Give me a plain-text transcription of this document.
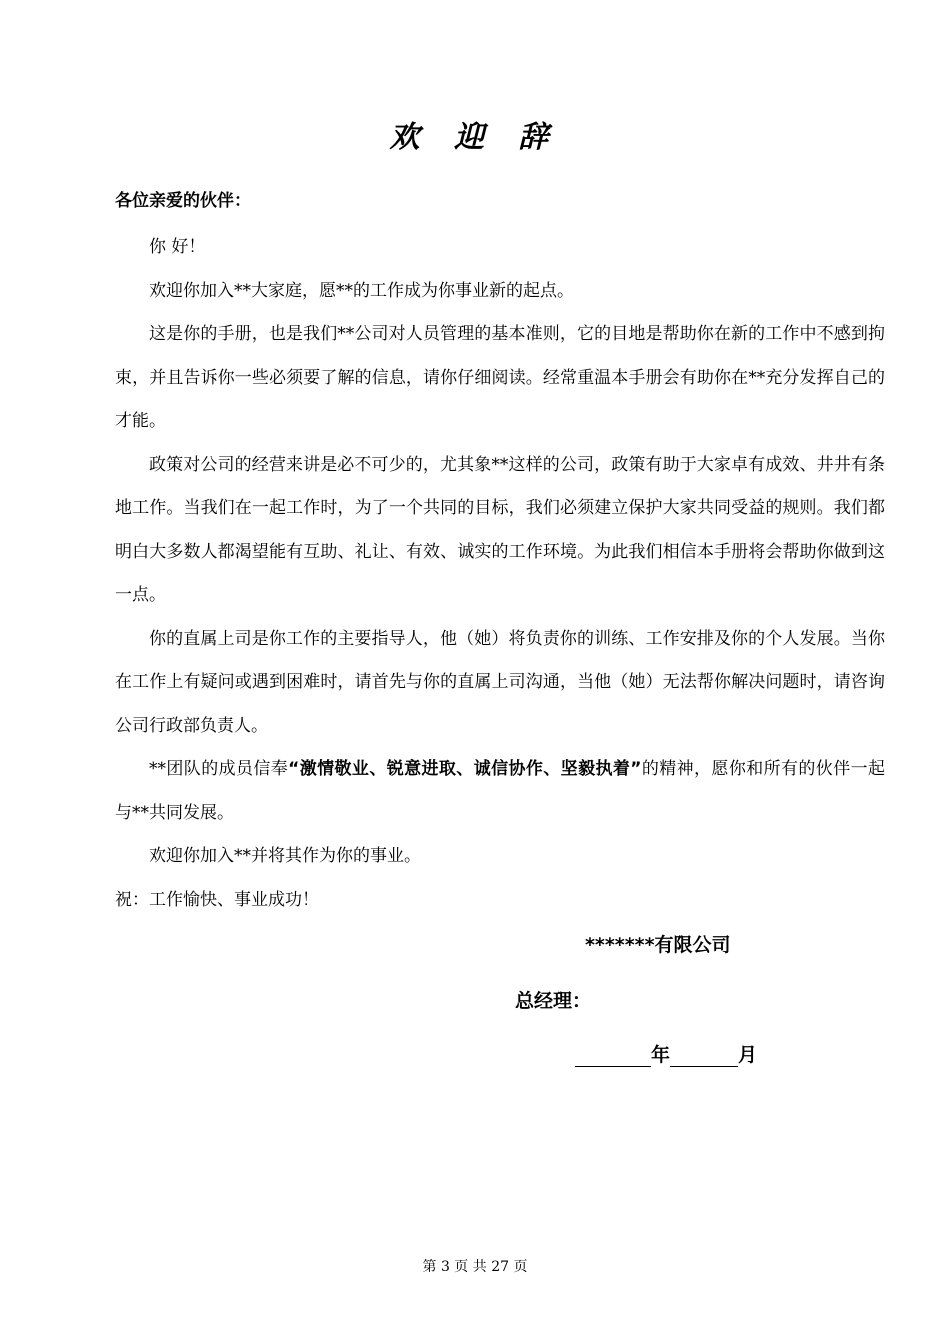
欢 迎 辞
各位亲爱的伙伴：

你 好！

欢迎你加入**大家庭，愿**的工作成为你事业新的起点。

这是你的手册，也是我们**公司对人员管理的基本准则，它的目地是帮助你在新的工作中不感到拘束，并且告诉你一些必须要了解的信息，请你仔细阅读。经常重温本手册会有助你在**充分发挥自己的才能。

政策对公司的经营来讲是必不可少的，尤其象**这样的公司，政策有助于大家卓有成效、井井有条地工作。当我们在一起工作时，为了一个共同的目标，我们必须建立保护大家共同受益的规则。我们都明白大多数人都渴望能有互助、礼让、有效、诚实的工作环境。为此我们相信本手册将会帮助你做到这一点。

你的直属上司是你工作的主要指导人，他（她）将负责你的训练、工作安排及你的个人发展。当你在工作上有疑问或遇到困难时，请首先与你的直属上司沟通，当他（她）无法帮你解决问题时，请咨询公司行政部负责人。

**团队的成员信奉“激情敬业、锐意进取、诚信协作、坚毅执着”的精神，愿你和所有的伙伴一起与**共同发展。

欢迎你加入**并将其作为你的事业。

祝：工作愉快、事业成功！

*******有限公司
总经理：
年	月
第 3 页 共 27 页
